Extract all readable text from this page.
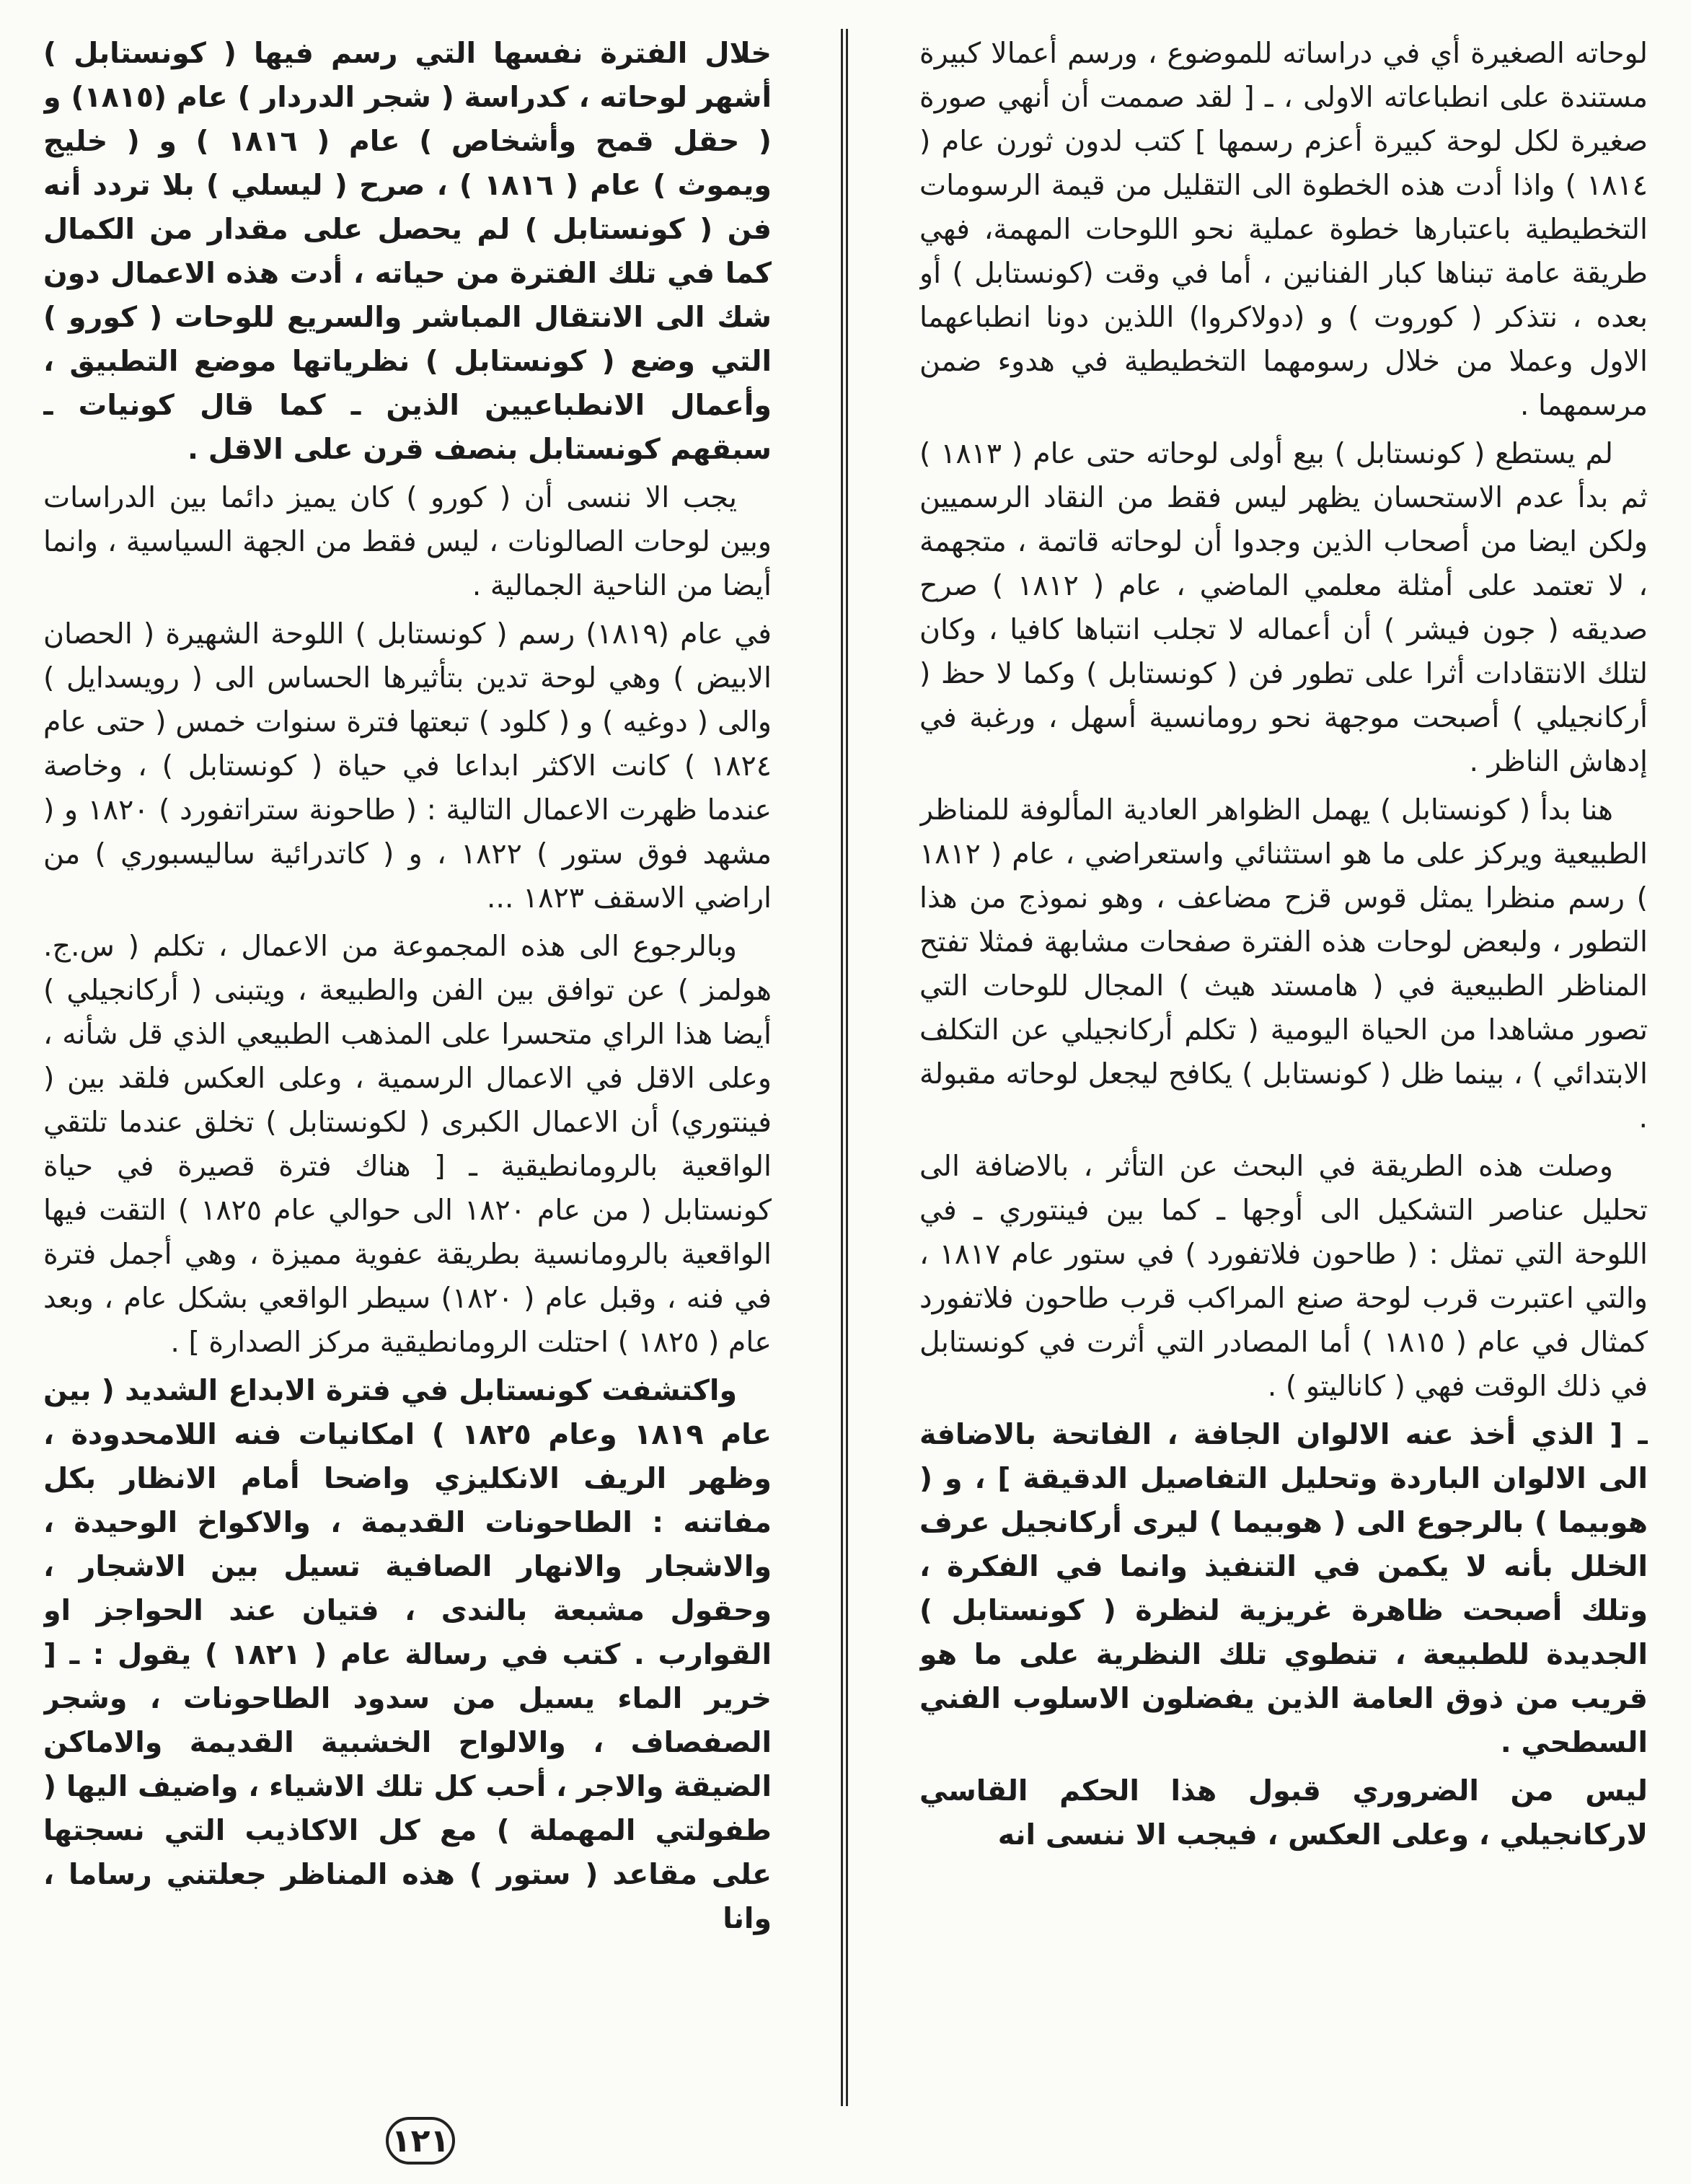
لوحاته الصغيرة أي في دراساته للموضوع ، ورسم أعمالا كبيرة مستندة على انطباعاته الاولى ، ـ [ لقد صممت أن أنهي صورة صغيرة لكل لوحة كبيرة أعزم رسمها ] كتب لدون ثورن عام ( ١٨١٤ ) واذا أدت هذه الخطوة الى التقليل من قيمة الرسومات التخطيطية باعتبارها خطوة عملية نحو اللوحات المهمة، فهي طريقة عامة تبناها كبار الفنانين ، أما في وقت (كونستابل ) أو بعده ، نتذكر ( كوروت ) و (دولاكروا) اللذين دونا انطباعهما الاول وعملا من خلال رسومهما التخطيطية في هدوء ضمن مرسمهما .

لم يستطع ( كونستابل ) بيع أولى لوحاته حتى عام ( ١٨١٣ ) ثم بدأ عدم الاستحسان يظهر ليس فقط من النقاد الرسميين ولكن ايضا من أصحاب الذين وجدوا أن لوحاته قاتمة ، متجهمة ، لا تعتمد على أمثلة معلمي الماضي ، عام ( ١٨١٢ ) صرح صديقه ( جون فيشر ) أن أعماله لا تجلب انتباها كافيا ، وكان لتلك الانتقادات أثرا على تطور فن ( كونستابل ) وكما لا حظ ( أركانجيلي ) أصبحت موجهة نحو رومانسية أسهل ، ورغبة في إدهاش الناظر .

هنا بدأ ( كونستابل ) يهمل الظواهر العادية المألوفة للمناظر الطبيعية ويركز على ما هو استثنائي واستعراضي ، عام ( ١٨١٢ ) رسم منظرا يمثل قوس قزح مضاعف ، وهو نموذج من هذا التطور ، ولبعض لوحات هذه الفترة صفحات مشابهة فمثلا تفتح المناظر الطبيعية في ( هامستد هيث ) المجال للوحات التي تصور مشاهدا من الحياة اليومية ( تكلم أركانجيلي عن التكلف الابتدائي ) ، بينما ظل ( كونستابل ) يكافح ليجعل لوحاته مقبولة .

وصلت هذه الطريقة في البحث عن التأثر ، بالاضافة الى تحليل عناصر التشكيل الى أوجها ـ كما بين فينتوري ـ في اللوحة التي تمثل : ( طاحون فلاتفورد ) في ستور عام ١٨١٧ ، والتي اعتبرت قرب لوحة صنع المراكب قرب طاحون فلاتفورد كمثال في عام ( ١٨١٥ ) أما المصادر التي أثرت في كونستابل في ذلك الوقت فهي ( كاناليتو ) .

ـ [ الذي أخذ عنه الالوان الجافة ، الفاتحة بالاضافة الى الالوان الباردة وتحليل التفاصيل الدقيقة ] ، و ( هوبيما ) بالرجوع الى ( هوبيما ) ليرى أركانجيل عرف الخلل بأنه لا يكمن في التنفيذ وانما في الفكرة ، وتلك أصبحت ظاهرة غريزية لنظرة ( كونستابل ) الجديدة للطبيعة ، تنطوي تلك النظرية على ما هو قريب من ذوق العامة الذين يفضلون الاسلوب الفني السطحي .

ليس من الضروري قبول هذا الحكم القاسي لاركانجيلي ، وعلى العكس ، فيجب الا ننسى انه

خلال الفترة نفسها التي رسم فيها ( كونستابل ) أشهر لوحاته ، كدراسة ( شجر الدردار ) عام (١٨١٥) و ( حقل قمح وأشخاص ) عام ( ١٨١٦ ) و ( خليج ويموث ) عام ( ١٨١٦ ) ، صرح ( ليسلي ) بلا تردد أنه فن ( كونستابل ) لم يحصل على مقدار من الكمال كما في تلك الفترة من حياته ، أدت هذه الاعمال دون شك الى الانتقال المباشر والسريع للوحات ( كورو ) التي وضع ( كونستابل ) نظرياتها موضع التطبيق ، وأعمال الانطباعيين الذين ـ كما قال كونيات ـ سبقهم كونستابل بنصف قرن على الاقل .

يجب الا ننسى أن ( كورو ) كان يميز دائما بين الدراسات وبين لوحات الصالونات ، ليس فقط من الجهة السياسية ، وانما أيضا من الناحية الجمالية .

في عام (١٨١٩) رسم ( كونستابل ) اللوحة الشهيرة ( الحصان الابيض ) وهي لوحة تدين بتأثيرها الحساس الى ( رويسدايل ) والى ( دوغيه ) و ( كلود ) تبعتها فترة سنوات خمس ( حتى عام ١٨٢٤ ) كانت الاكثر ابداعا في حياة ( كونستابل ) ، وخاصة عندما ظهرت الاعمال التالية : ( طاحونة ستراتفورد ) ١٨٢٠ و ( مشهد فوق ستور ) ١٨٢٢ ، و ( كاتدرائية سالیسبوري ) من اراضي الاسقف ١٨٢٣ ...

وبالرجوع الى هذه المجموعة من الاعمال ، تكلم ( س.ج. هولمز ) عن توافق بين الفن والطبيعة ، ويتبنى ( أركانجيلي ) أيضا هذا الراي متحسرا على المذهب الطبيعي الذي قل شأنه ، وعلى الاقل في الاعمال الرسمية ، وعلى العكس فلقد بين ( فينتوري) أن الاعمال الكبرى ( لكونستابل ) تخلق عندما تلتقي الواقعية بالرومانطيقية ـ [ هناك فترة قصيرة في حياة كونستابل ( من عام ١٨٢٠ الى حوالي عام ١٨٢٥ ) التقت فيها الواقعية بالرومانسية بطريقة عفوية مميزة ، وهي أجمل فترة في فنه ، وقبل عام ( ١٨٢٠) سيطر الواقعي بشكل عام ، وبعد عام ( ١٨٢٥ ) احتلت الرومانطيقية مركز الصدارة ] .

واكتشفت كونستابل في فترة الابداع الشديد ( بين عام ١٨١٩ وعام ١٨٢٥ ) امكانيات فنه اللامحدودة ، وظهر الريف الانكليزي واضحا أمام الانظار بكل مفاتنه : الطاحونات القديمة ، والاكواخ الوحيدة ، والاشجار والانهار الصافية تسيل بين الاشجار ، وحقول مشبعة بالندى ، فتيان عند الحواجز او القوارب . كتب في رسالة عام ( ١٨٢١ ) يقول : ـ [ خرير الماء يسيل من سدود الطاحونات ، وشجر الصفصاف ، والالواح الخشبية القديمة والاماكن الضيقة والاجر ، أحب كل تلك الاشياء ، واضيف اليها ( طفولتي المهملة ) مع كل الاكاذيب التي نسجتها على مقاعد ( ستور ) هذه المناظر جعلتني رساما ، وانا

١٢١
